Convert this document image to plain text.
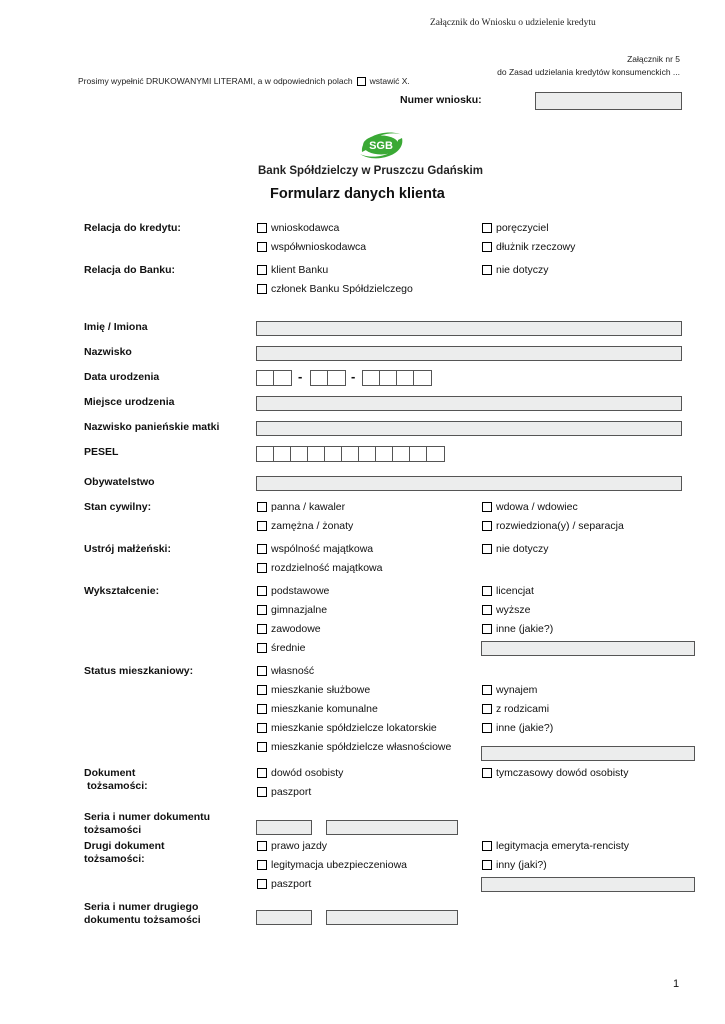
Załącznik do Wniosku o udzielenie kredytu
Załącznik nr 5
do Zasad udzielania kredytów konsumenckich ...
Prosimy wypełnić DRUKOWANYMI LITERAMI, a w odpowiednich polach wstawić X.
Numer wniosku:
SGB
Bank Spółdzielczy w Pruszczu Gdańskim
Formularz danych klienta
Relacja do kredytu:	wnioskodawca	poręczyciel
współwnioskodawca	dłużnik rzeczowy
Relacja do Banku:	klient Banku	nie dotyczy
członek Banku Spółdzielczego
Imię / Imiona
Nazwisko
Data urodzenia	-	-
Miejsce urodzenia
Nazwisko panieńskie matki
PESEL
Obywatelstwo
Stan cywilny:	panna / kawaler	wdowa / wdowiec
zamężna / żonaty	rozwiedziona(y) / separacja
Ustrój małżeński:	wspólność majątkowa	nie dotyczy
rozdzielność majątkowa
Wykształcenie:	podstawowe	licencjat
gimnazjalne	wyższe
zawodowe	inne (jakie?)
średnie
Status mieszkaniowy:	własność
mieszkanie służbowe	wynajem
mieszkanie komunalne	z rodzicami
mieszkanie spółdzielcze lokatorskie	inne (jakie?)
mieszkanie spółdzielcze własnościowe
Dokument
tożsamości:
dowód osobisty	tymczasowy dowód osobisty
paszport
Seria i numer dokumentu
tożsamości
Drugi dokument
tożsamości:
prawo jazdy	legitymacja emeryta-rencisty
legitymacja ubezpieczeniowa	inny (jaki?)
paszport
Seria i numer drugiego
dokumentu tożsamości
1
